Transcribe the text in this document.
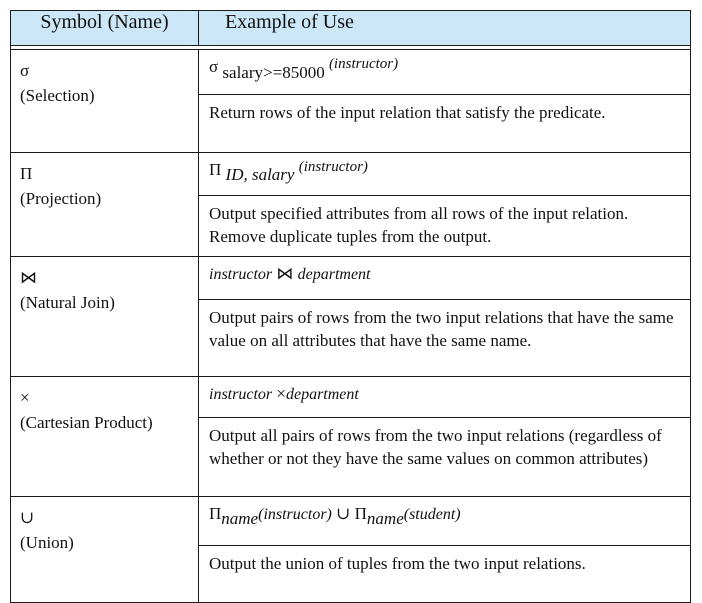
Symbol (Name)	Example of Use

σ
(Selection)	σ salary>=85000 (instructor)
	Return rows of the input relation that satisfy the predicate.

Π
(Projection)	Π ID, salary (instructor)
	Output specified attributes from all rows of the input relation. Remove duplicate tuples from the output.

⋈
(Natural Join)	instructor ⋈ department
	Output pairs of rows from the two input relations that have the same value on all attributes that have the same name.

×
(Cartesian Product)	instructor ×department
	Output all pairs of rows from the two input relations (regardless of whether or not they have the same values on common attributes)

∪
(Union)	Πname(instructor) ∪ Πname(student)
	Output the union of tuples from the two input relations.
